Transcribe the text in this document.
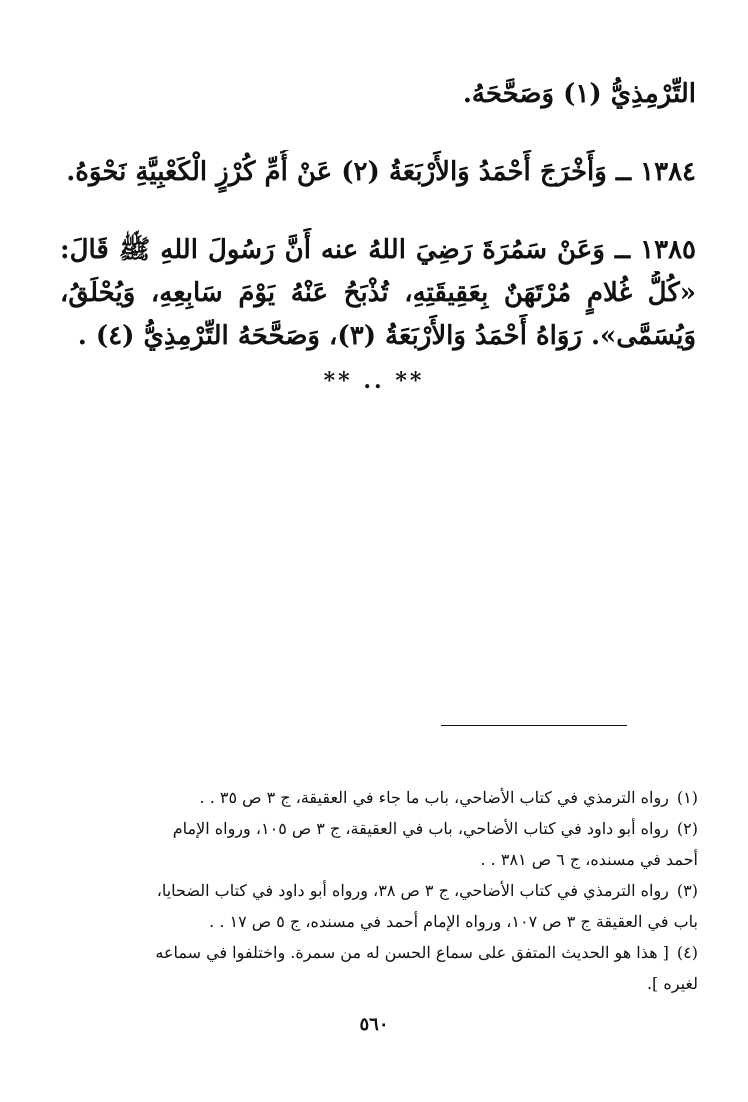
التِّرْمِذِيُّ (١) وَصَحَّحَهُ.
١٣٨٤ ــ وَأَخْرَجَ أَحْمَدُ وَالأَرْبَعَةُ (٢) عَنْ أُمِّ كُرْزٍ الْكَعْبِيَّةِ نَحْوَهُ.
١٣٨٥ ــ وَعَنْ سَمُرَةَ رَضِيَ اللهُ عنه أَنَّ رَسُولَ اللهِ ﷺ قَالَ:
«كُلُّ غُلامٍ مُرْتَهَنٌ بِعَقِيقَتِهِ، تُذْبَحُ عَنْهُ يَوْمَ سَابِعِهِ، وَيُحْلَقُ،
وَيُسَمَّى». رَوَاهُ أَحْمَدُ وَالأَرْبَعَةُ (٣)، وَصَحَّحَهُ التِّرْمِذِيُّ (٤) .
** .. **
(١)رواه الترمذي في كتاب الأضاحي، باب ما جاء في العقيقة، ج ٣ ص ٣٥ . .
(٢)رواه أبو داود في كتاب الأضاحي، باب في العقيقة، ج ٣ ص ١٠٥، ورواه الإمام
أحمد في مسنده، ج ٦ ص ٣٨١ . .
(٣)رواه الترمذي في كتاب الأضاحي، ج ٣ ص ٣٨، ورواه أبو داود في كتاب الضحايا،
باب في العقيقة ج ٣ ص ١٠٧، ورواه الإمام أحمد في مسنده، ج ٥ ص ١٧ . .
(٤)[ هذا هو الحديث المتفق على سماع الحسن له من سمرة. واختلفوا في سماعه
لغيره ].
٥٦٠
